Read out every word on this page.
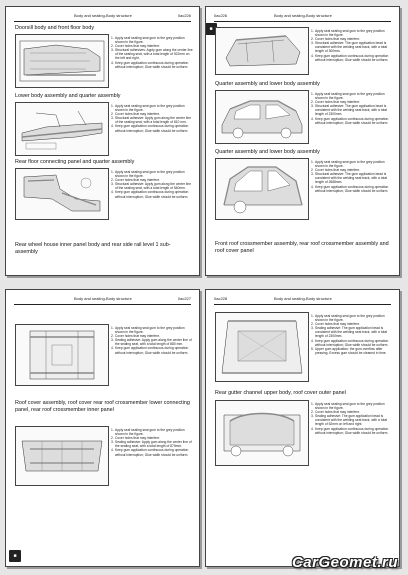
Body and sealing-Body structure	0ac226
Doorsill body and front floor body
1. Apply seal sealing seal gum to the grey position shown in the figure.
2. Cover holes that may interfere.
3. Structural adhesives: Apply gum along the center line of the sealing seat, with a total length of 922mm on the left and right.
4. Keep gum application continuous during operation without interruption; Glue width should be uniform.
Lower body assembly and quarter assembly
1. Apply seal sealing seal gum to the grey position shown in the figure.
2. Cover holes that may interfere.
3. Structural adhesive: Apply gum along the center line of the sealing seat, with a total length of 810 mm.
4. Keep gum application continuous during operation without interruption; Glue width should be uniform.
Rear floor connecting panel and quarter assembly
1. Apply seal sealing seal gum to the grey position shown in the figure.
2. Cover holes that may interfere.
3. Structural adhesive: Apply gum along the center line of the sealing seat, with a total length of 540mm.
4. Keep gum application continuous during operation without interruption; Glue width should be uniform.
Rear wheel house inner panel body and rear side rail level 1 sub-assembly
0ac226	Body and sealing-Body structure
■	1. Apply seal sealing seal gum to the grey position shown in the figure.
2. Cover holes that may interfere.
3. Structural adhesive: The gum application bead is consistent with the welding seat track, with a total length of 300mm.
4. Keep gum application continuous during operation without interruption; Glue width should be uniform.
Quarter assembly and lower body assembly
1. Apply seal sealing seal gum to the grey position shown in the figure.
2. Cover holes that may interfere.
3. Structural adhesive: The gum application bead is consistent with the welding seat track, with a total length of 2300mm.
4. Keep gum application continuous during operation without interruption; Glue width should be uniform.
Quarter assembly and lower body assembly
1. Apply seal sealing seal gum to the grey position shown in the figure.
2. Cover holes that may interfere.
3. Structural adhesive: The gum application bead is consistent with the welding seat track, with a total length of 2688mm.
4. Keep gum application continuous during operation without interruption; Glue width should be uniform.
Front roof crossmember assembly, rear roof crossmember assembly and roof cover panel
Body and sealing-Body structure	0ac227
1. Apply seal sealing seal gum to the grey position shown in the figure.
2. Cover holes that may interfere.
3. Sealing adhesive: Apply gum along the center line of the sealing seat, with a total length of 880 mm.
4. Keep gum application continuous during operation without interruption; Glue width should be uniform.
Roof cover assembly, roof cover rear roof crossmember lower connecting panel, rear roof crossmember inner panel
1. Apply seal sealing seal gum to the grey position shown in the figure.
2. Cover holes that may interfere.
3. Sealing adhesive: Apply gum along the center line of the sealing seat, with a total length of 870mm.
4. Keep gum application continuous during operation without interruption; Glue width should be uniform.
■
0ac228	Body and sealing-Body structure
1. Apply seal sealing seal gum to the grey position shown in the figure.
2. Cover holes that may interfere.
3. Sealing adhesive: The gum application bead is consistent with the welding seat track, with a total length of 2300mm.
4. Keep gum application continuous during operation without interruption; Glue width should be uniform.
5. Upper gum application: the gum overflow after pressing. Excess gum should be cleaned in time.
Rear gutter channel upper body, roof cover outer panel
1. Apply seal sealing seal gum to the grey position shown in the figure.
2. Cover holes that may interfere.
3. Sealing adhesive: The gum application bead is consistent with the welding seat track, with a total length of 52mm on left and right.
4. Keep gum application continuous during operation without interruption; Glue width should be uniform.
CarGeomet.ru
